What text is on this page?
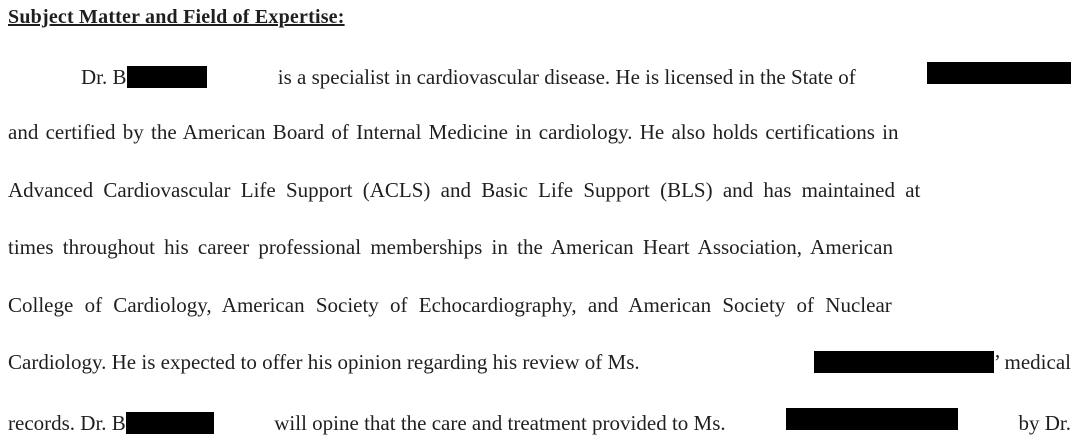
Subject Matter and Field of Expertise:
Dr. B	is a specialist in cardiovascular disease. He is licensed in the State of
and certified by the American Board of Internal Medicine in cardiology. He also holds certifications in
Advanced Cardiovascular Life Support (ACLS) and Basic Life Support (BLS) and has maintained at
times throughout his career professional memberships in the American Heart Association, American
College of Cardiology, American Society of Echocardiography, and American Society of Nuclear
Cardiology. He is expected to offer his opinion regarding his review of Ms.	’ medical
records. Dr. B	will opine that the care and treatment provided to Ms.	by Dr.
